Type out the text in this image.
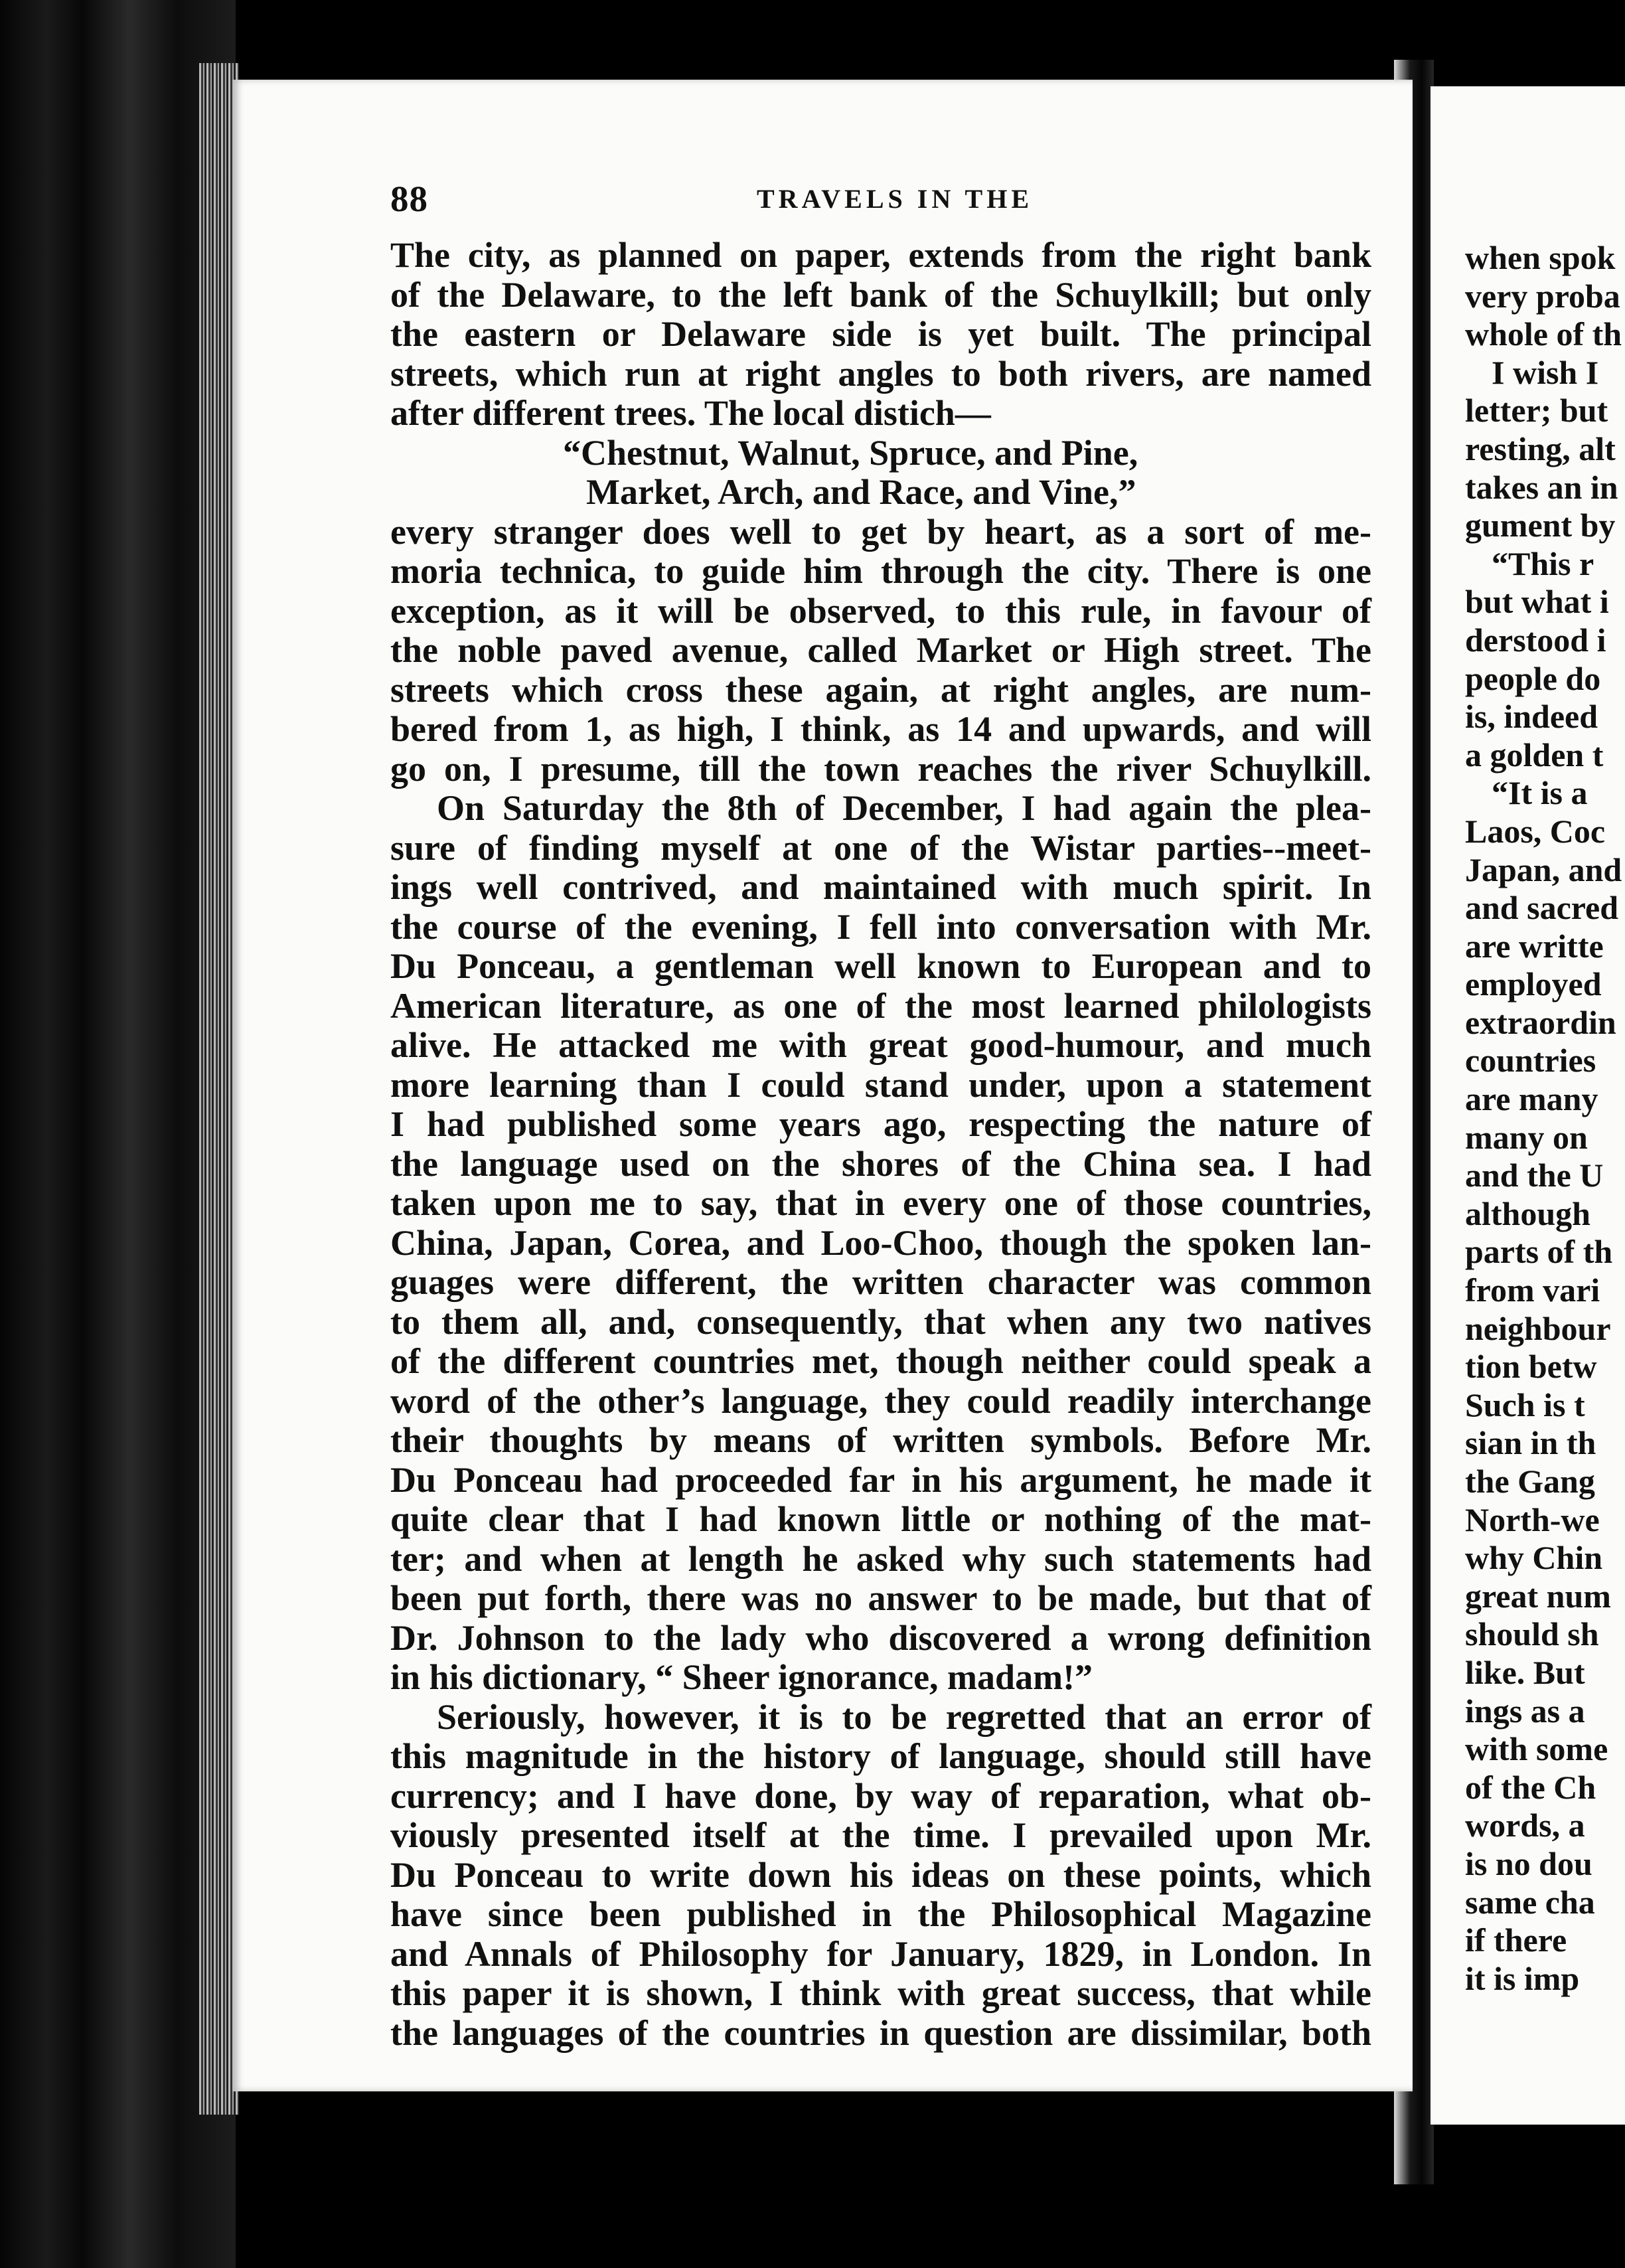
88	TRAVELS IN THE
The city, as planned on paper, extends from the right bank
of the Delaware, to the left bank of the Schuylkill; but only
the eastern or Delaware side is yet built. The principal
streets, which run at right angles to both rivers, are named
after different trees. The local distich—
“Chestnut, Walnut, Spruce, and Pine,
Market, Arch, and Race, and Vine,”
every stranger does well to get by heart, as a sort of me-
moria technica, to guide him through the city. There is one
exception, as it will be observed, to this rule, in favour of
the noble paved avenue, called Market or High street. The
streets which cross these again, at right angles, are num-
bered from 1, as high, I think, as 14 and upwards, and will
go on, I presume, till the town reaches the river Schuylkill.
On Saturday the 8th of December, I had again the plea-
sure of finding myself at one of the Wistar parties--meet-
ings well contrived, and maintained with much spirit. In
the course of the evening, I fell into conversation with Mr.
Du Ponceau, a gentleman well known to European and to
American literature, as one of the most learned philologists
alive. He attacked me with great good-humour, and much
more learning than I could stand under, upon a statement
I had published some years ago, respecting the nature of
the language used on the shores of the China sea. I had
taken upon me to say, that in every one of those countries,
China, Japan, Corea, and Loo-Choo, though the spoken lan-
guages were different, the written character was common
to them all, and, consequently, that when any two natives
of the different countries met, though neither could speak a
word of the other’s language, they could readily interchange
their thoughts by means of written symbols. Before Mr.
Du Ponceau had proceeded far in his argument, he made it
quite clear that I had known little or nothing of the mat-
ter; and when at length he asked why such statements had
been put forth, there was no answer to be made, but that of
Dr. Johnson to the lady who discovered a wrong definition
in his dictionary, “ Sheer ignorance, madam!”
Seriously, however, it is to be regretted that an error of
this magnitude in the history of language, should still have
currency; and I have done, by way of reparation, what ob-
viously presented itself at the time. I prevailed upon Mr.
Du Ponceau to write down his ideas on these points, which
have since been published in the Philosophical Magazine
and Annals of Philosophy for January, 1829, in London. In
this paper it is shown, I think with great success, that while
the languages of the countries in question are dissimilar, both
when spok
very proba
whole of th
I wish I
letter; but
resting, alt
takes an in
gument by
“This r
but what i
derstood i
people do
is, indeed
a golden t
“It is a
Laos, Coc
Japan, and
and sacred
are writte
employed
extraordin
countries
are many
many on
and the U
although
parts of th
from vari
neighbour
tion betw
Such is t
sian in th
the Gang
North-we
why Chin
great num
should sh
like. But
ings as a
with some
of the Ch
words, a
is no dou
same cha
if there
it is imp
